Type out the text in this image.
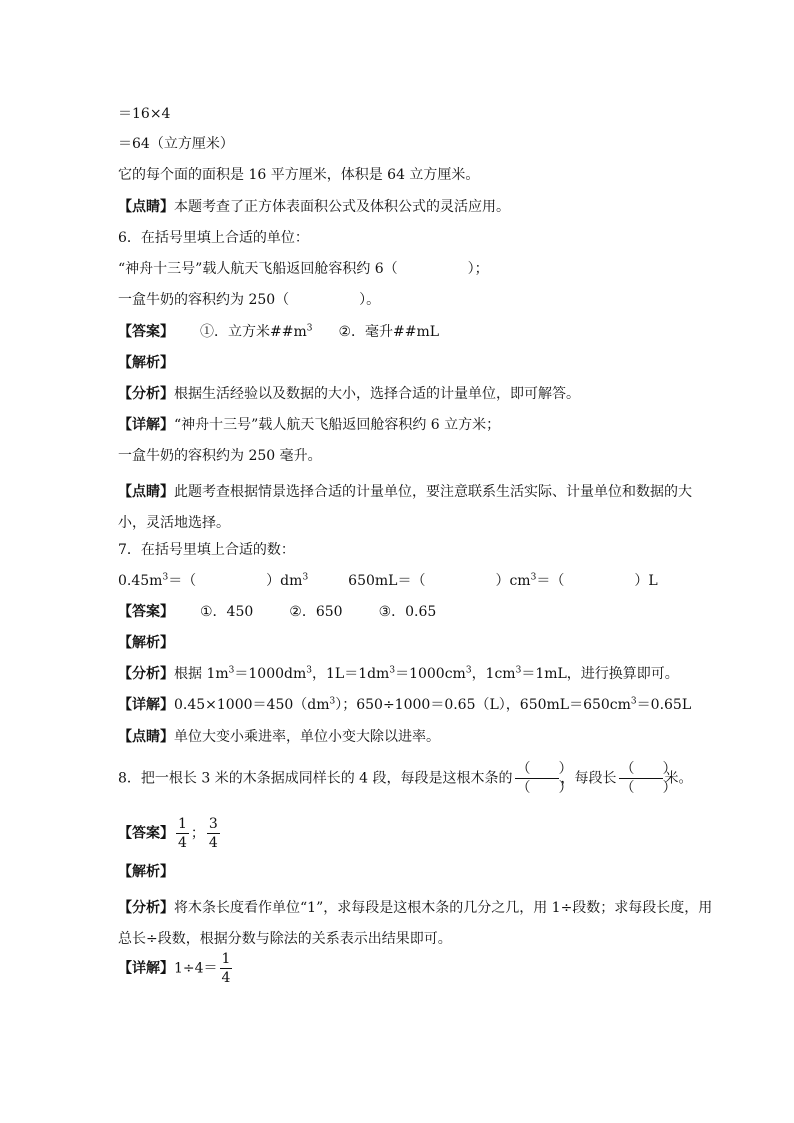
＝16×4
＝64（立方厘米）
它的每个面的面积是 16 平方厘米，体积是 64 立方厘米。
【点睛】本题考查了正方体表面积公式及体积公式的灵活应用。
6．在括号里填上合适的单位：
“神舟十三号”载人航天飞船返回舱容积约 6（　　　　　）；
一盒牛奶的容积约为 250（　　　　　）。
【答案】 ①．立方米$\#\#m^3$ ②．毫升##mL
【解析】
【分析】根据生活经验以及数据的大小，选择合适的计量单位，即可解答。
【详解】“神舟十三号”载人航天飞船返回舱容积约 6 立方米；
一盒牛奶的容积约为 250 毫升。
【点睛】此题考查根据情景选择合适的计量单位，要注意联系生活实际、计量单位和数据的大小，灵活地选择。
7．在括号里填上合适的数：
$0.45m^3=$（　　　　　）$dm^3$	650mL＝（　　　　　）$cm^3=$（　　　　　）L
【答案】 ①．450	②．650	③．0.65
【解析】
【分析】根据 $1m^3=1000dm^3$，$1L=1dm^3=1000cm^3$，$1cm^3=1mL$，进行换算即可。
【详解】$0.45\times 1000=450(dm^3)$；650÷1000＝0.65（L），$650mL=650cm^3=0.65L$
【点睛】单位大变小乘进率，单位小变大除以进率。
8．把一根长 3 米的木条据成同样长的 4 段，每段是这根木条的 $\frac{( )}{( )}$ ，每段长 $\frac{( )}{( )}$ 米。
【答案】 $\frac{1}{4}$ ； $\frac{3}{4}$
【解析】
【分析】将木条长度看作单位“1”，求每段是这根木条的几分之几，用 1÷段数；求每段长度，用总长÷段数，根据分数与除法的关系表示出结果即可。
【详解】$1\div 4= \frac{1}{4}$
